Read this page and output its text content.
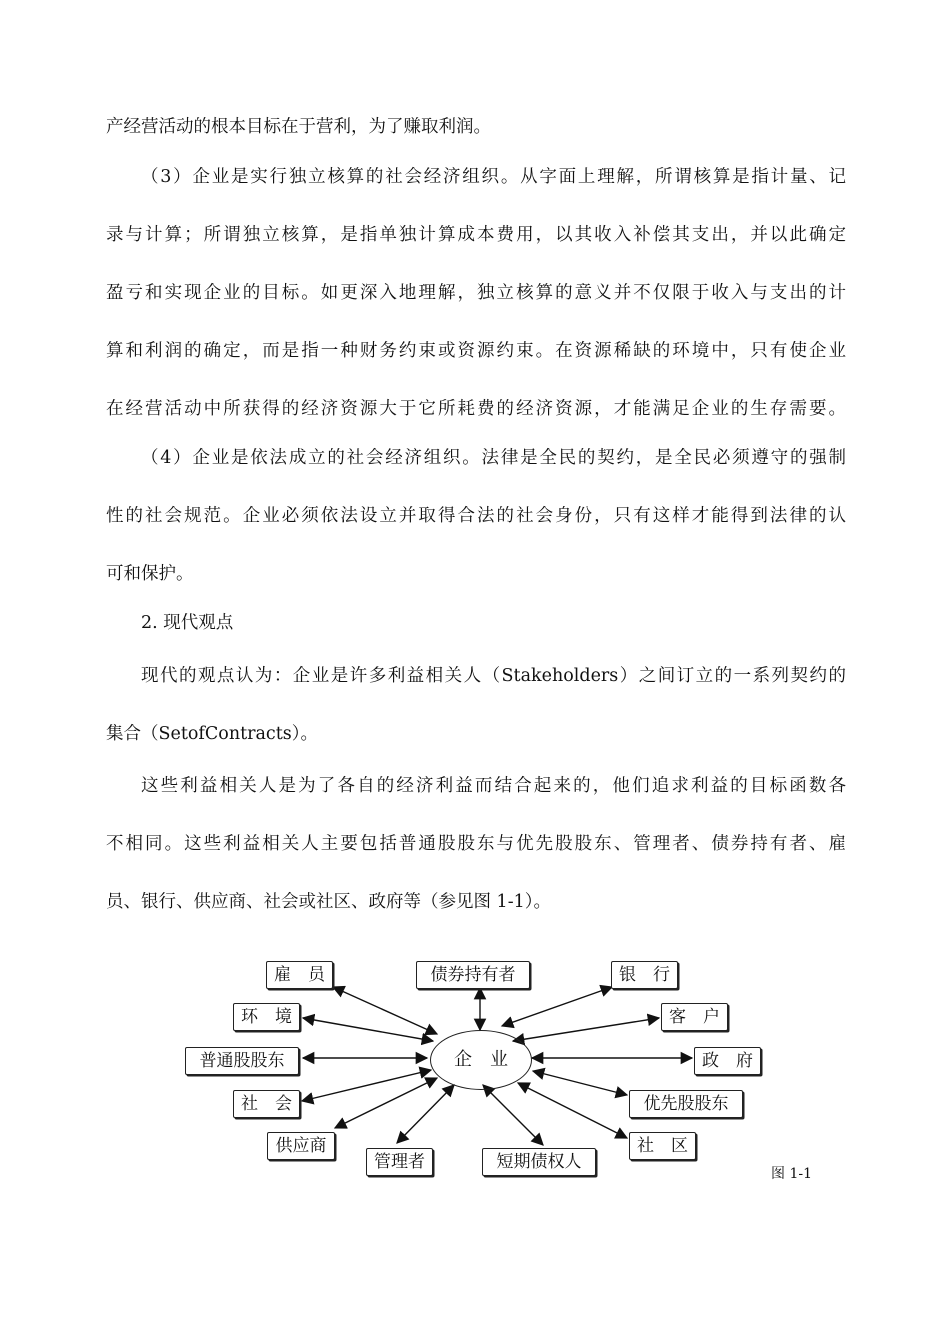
产经营活动的根本目标在于营利，为了赚取利润。
（3）企业是实行独立核算的社会经济组织。从字面上理解，所谓核算是指计量、记
录与计算；所谓独立核算，是指单独计算成本费用，以其收入补偿其支出，并以此确定
盈亏和实现企业的目标。如更深入地理解，独立核算的意义并不仅限于收入与支出的计
算和利润的确定，而是指一种财务约束或资源约束。在资源稀缺的环境中，只有使企业
在经营活动中所获得的经济资源大于它所耗费的经济资源，才能满足企业的生存需要。
（4）企业是依法成立的社会经济组织。法律是全民的契约，是全民必须遵守的强制
性的社会规范。企业必须依法设立并取得合法的社会身份，只有这样才能得到法律的认
可和保护。
2. 现代观点
现代的观点认为：企业是许多利益相关人（Stakeholders）之间订立的一系列契约的
集合（SetofContracts）。
这些利益相关人是为了各自的经济利益而结合起来的，他们追求利益的目标函数各
不相同。这些利益相关人主要包括普通股股东与优先股股东、管理者、债券持有者、雇
员、银行、供应商、社会或社区、政府等（参见图 1-1）。
企　业
雇　员	债券持有者	银　行
环　境	客　户
普通股股东	政　府
社　会	优先股股东
供应商	社　区
管理者	短期债权人
图 1-1
